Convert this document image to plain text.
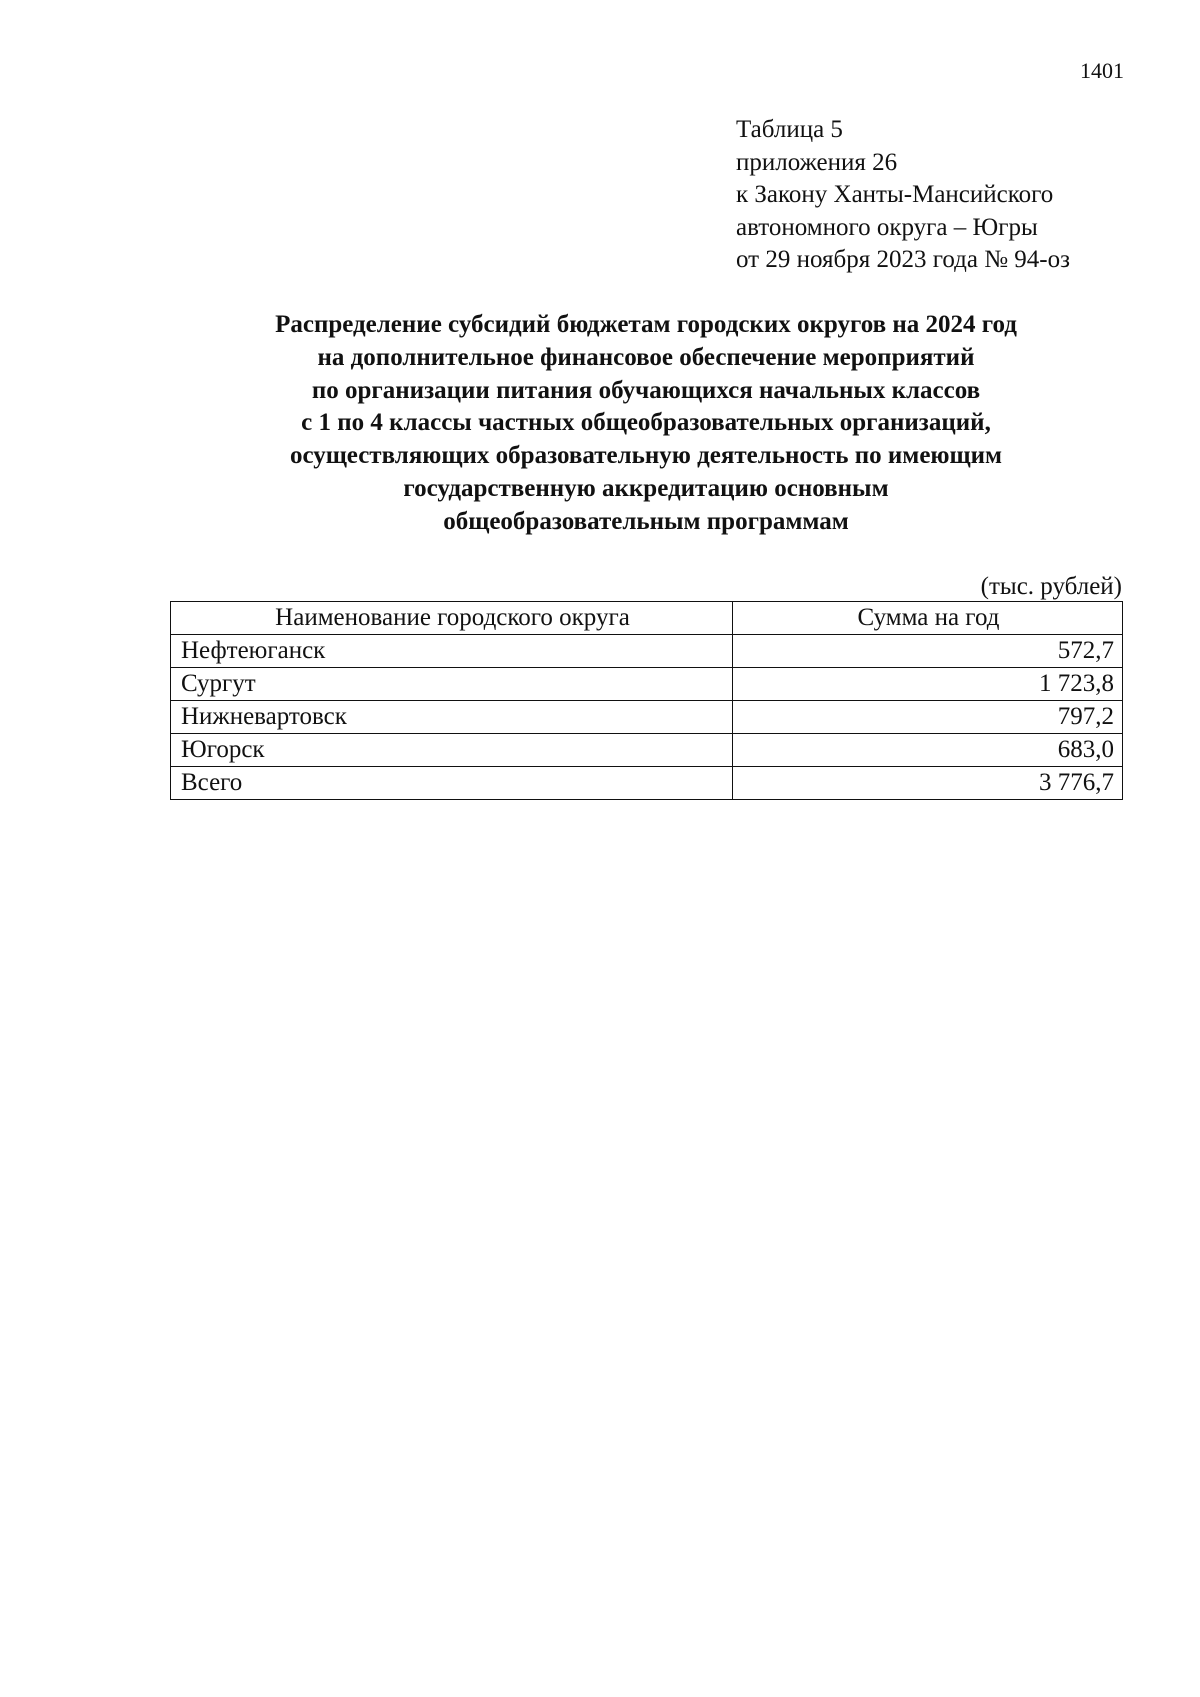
1401
Таблица 5
приложения 26
к Закону Ханты-Мансийского
автономного округа – Югры
от 29 ноября 2023 года № 94-оз
Распределение субсидий бюджетам городских округов на 2024 год
на дополнительное финансовое обеспечение мероприятий
по организации питания обучающихся начальных классов
с 1 по 4 классы частных общеобразовательных организаций,
осуществляющих образовательную деятельность по имеющим
государственную аккредитацию основным
общеобразовательным программам
(тыс. рублей)
Наименование городского округа	Сумма на год
Нефтеюганск	572,7
Сургут	1 723,8
Нижневартовск	797,2
Югорск	683,0
Всего	3 776,7
